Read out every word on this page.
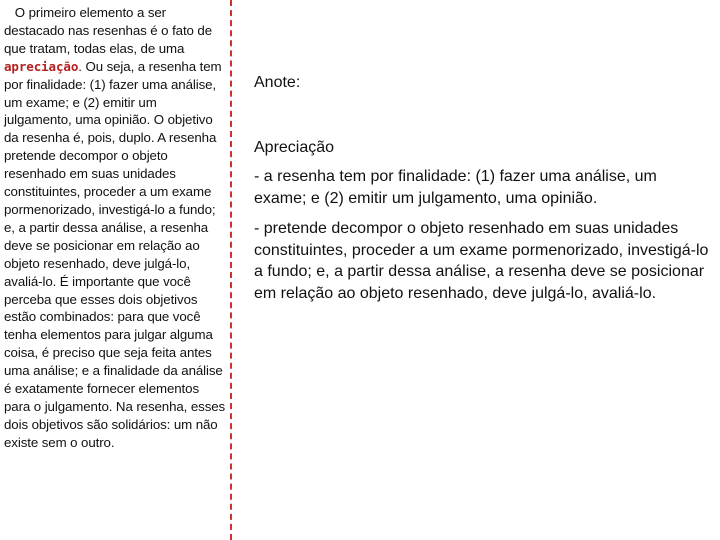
O primeiro elemento a ser destacado nas resenhas é o fato de que tratam, todas elas, de uma apreciação. Ou seja, a resenha tem por finalidade: (1) fazer uma análise, um exame; e (2) emitir um julgamento, uma opinião. O objetivo da resenha é, pois, duplo. A resenha pretende decompor o objeto resenhado em suas unidades constituintes, proceder a um exame pormenorizado, investigá-lo a fundo; e, a partir dessa análise, a resenha deve se posicionar em relação ao objeto resenhado, deve julgá-lo, avaliá-lo. É importante que você perceba que esses dois objetivos estão combinados: para que você tenha elementos para julgar alguma coisa, é preciso que seja feita antes uma análise; e a finalidade da análise é exatamente fornecer elementos para o julgamento. Na resenha, esses dois objetivos são solidários: um não existe sem o outro.

Anote:

Apreciação

- a resenha tem por finalidade: (1) fazer uma análise, um exame; e (2) emitir um julgamento, uma opinião.

- pretende decompor o objeto resenhado em suas unidades constituintes, proceder a um exame pormenorizado, investigá-lo a fundo; e, a partir dessa análise, a resenha deve se posicionar em relação ao objeto resenhado, deve julgá-lo, avaliá-lo.
